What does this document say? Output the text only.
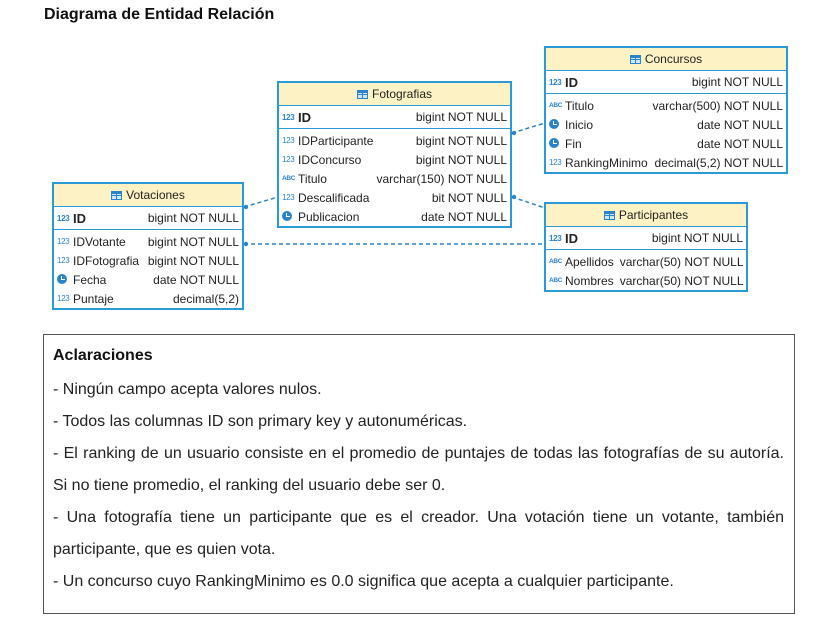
Diagrama de Entidad Relación
Concursos
123 ID	bigint NOT NULL
ABC Titulo	varchar(500) NOT NULL
Inicio	date NOT NULL
Fin	date NOT NULL
123 RankingMinimo decimal(5,2) NOT NULL
Fotografias
123 ID	bigint NOT NULL
123 IDParticipante	bigint NOT NULL
123 IDConcurso	bigint NOT NULL
ABC Titulo	varchar(150) NOT NULL
123 Descalificada	bit NOT NULL
Publicacion	date NOT NULL
Votaciones
123 ID	bigint NOT NULL
123 IDVotante	bigint NOT NULL
123 IDFotografia bigint NOT NULL
Fecha	date NOT NULL
123 Puntaje	decimal(5,2)
Participantes
123 ID	bigint NOT NULL
ABC Apellidos varchar(50) NOT NULL
ABC Nombres varchar(50) NOT NULL
Aclaraciones
- Ningún campo acepta valores nulos.
- Todos las columnas ID son primary key y autonuméricas.
- El ranking de un usuario consiste en el promedio de puntajes de todas las fotografías de su autoría. Si no tiene promedio, el ranking del usuario debe ser 0.
- Una fotografía tiene un participante que es el creador. Una votación tiene un votante, también participante, que es quien vota.
- Un concurso cuyo RankingMinimo es 0.0 significa que acepta a cualquier participante.
